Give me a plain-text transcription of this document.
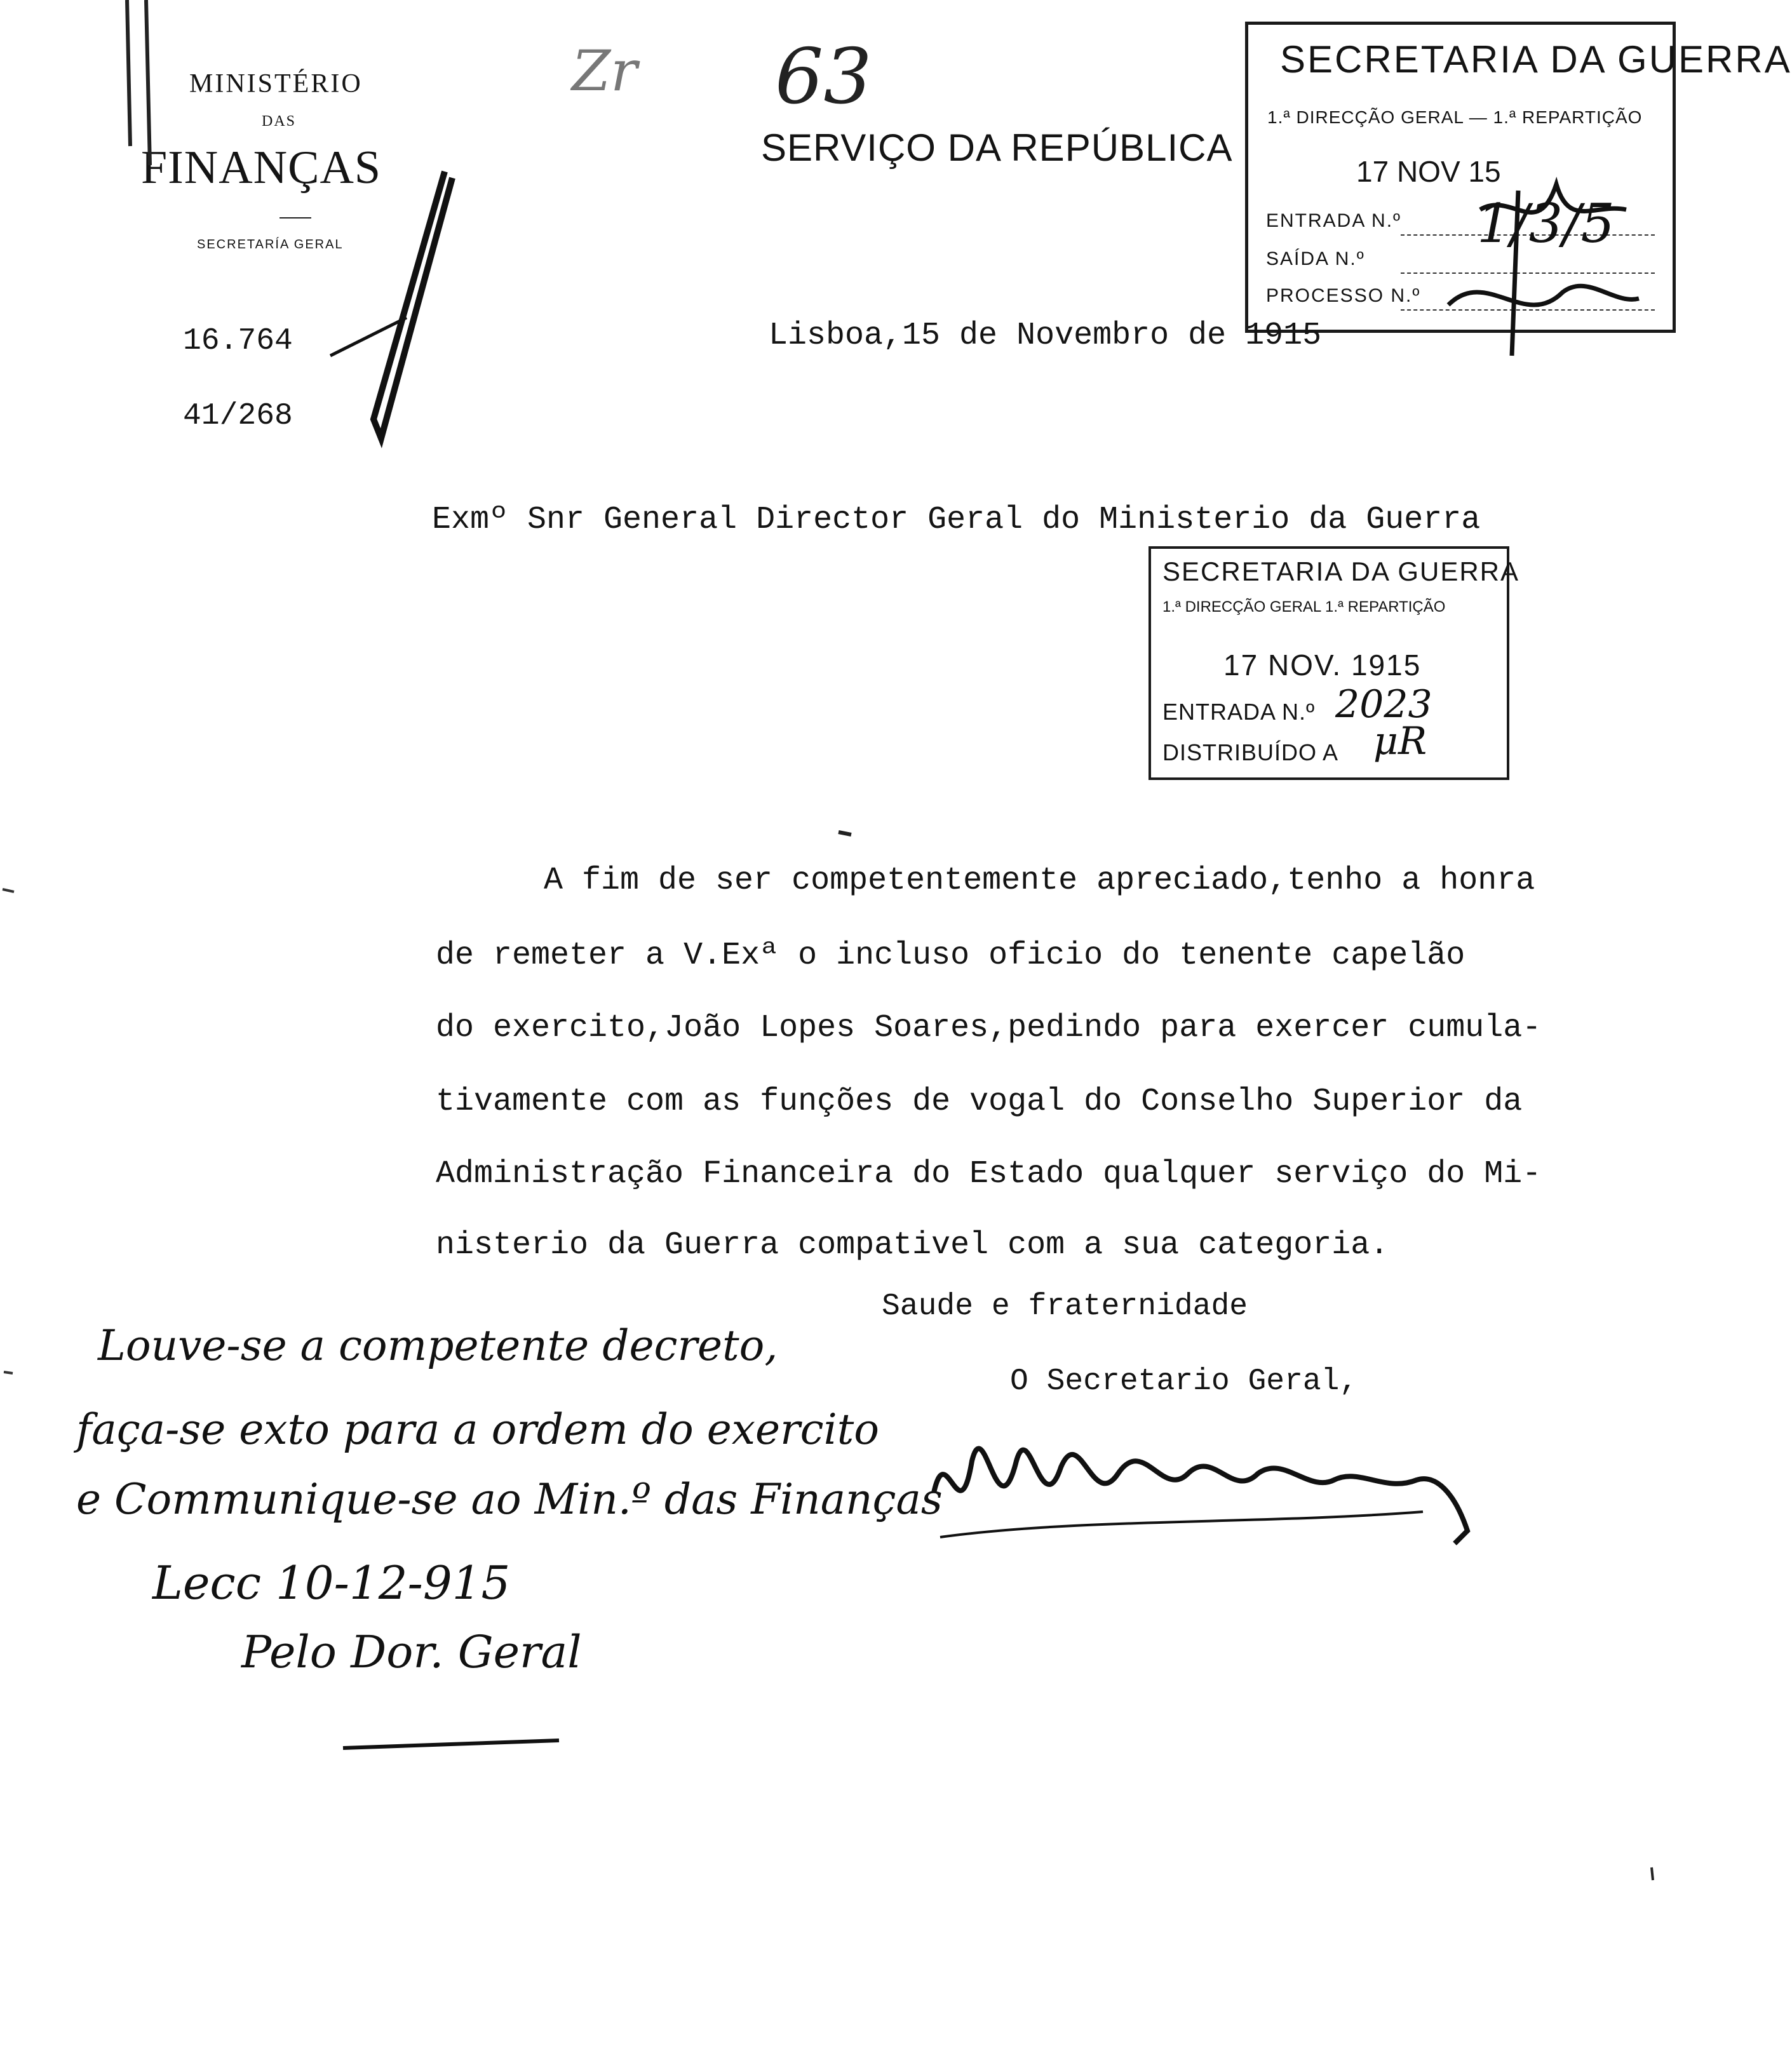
MINISTÉRIO
DAS
FINANÇAS
SECRETARÍA GERAL
16.764
41/268
Zr 63
SERVIÇO DA REPÚBLICA
SECRETARIA DA GUERRA
1.ª DIRECÇÃO GERAL — 1.ª REPARTIÇÃO
17 NOV 15
ENTRADA N.º
SAÍDA N.º
PROCESSO N.º
1/3/5
Lisboa,15 de Novembro de 1915
Exmº Snr General Director Geral do Ministerio da Guerra
SECRETARIA DA GUERRA
1.ª DIRECÇÃO GERAL 1.ª REPARTIÇÃO
17 NOV. 1915
ENTRADA N.º 2023
DISTRIBUÍDO A μR
A fim de ser competentemente apreciado,tenho a honra
de remeter a V.Exª o incluso oficio do tenente capelão
do exercito,João Lopes Soares,pedindo para exercer cumula-
tivamente com as funções de vogal do Conselho Superior da
Administração Financeira do Estado qualquer serviço do Mi-
nisterio da Guerra compativel com a sua categoria.
Saude e fraternidade
O Secretario Geral,
Louve-se a competente decreto,
faça-se exto para a ordem do exercito
e Communique-se ao Min.º das Finanças
Lecc 10-12-915
Pelo Dor. Geral
